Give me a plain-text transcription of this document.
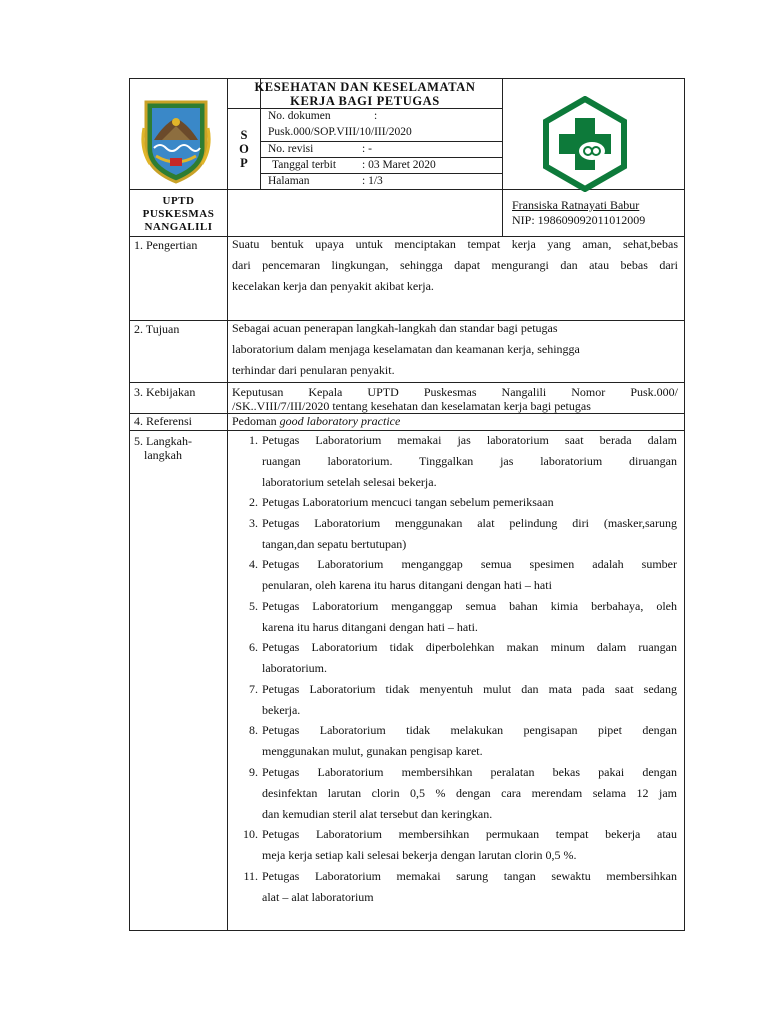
UPTD
PUSKESMAS
NANGALILI
KESEHATAN DAN KESELAMATAN
KERJA BAGI PETUGAS
S
O
P
No. dokumen	:
Pusk.000/SOP.VIII/10/III/2020
No. revisi	: -
Tanggal terbit : 03 Maret 2020
Halaman	: 1/3
Fransiska Ratnayati Babur
NIP: 198609092011012009
1. Pengertian	Suatu bentuk upaya untuk menciptakan tempat kerja yang aman, sehat,bebas
dari pencemaran lingkungan, sehingga dapat mengurangi dan atau bebas dari
kecelakan kerja dan penyakit akibat kerja.
2. Tujuan	Sebagai acuan penerapan langkah-langkah dan standar bagi petugas
laboratorium dalam menjaga keselamatan dan keamanan kerja, sehingga
terhindar dari penularan penyakit.
3. Kebijakan	Keputusan Kepala UPTD Puskesmas Nangalili Nomor Pusk.000/
/SK..VIII/7/III/2020 tentang kesehatan dan keselamatan kerja bagi petugas
4. Referensi	Pedoman good laboratory practice
5. Langkah-
langkah
1. Petugas Laboratorium memakai jas laboratorium saat berada dalam
ruangan laboratorium. Tinggalkan jas laboratorium diruangan
laboratorium setelah selesai bekerja.
2. Petugas Laboratorium mencuci tangan sebelum pemeriksaan
3. Petugas Laboratorium menggunakan alat pelindung diri (masker,sarung
tangan,dan sepatu bertutupan)
4. Petugas Laboratorium menganggap semua spesimen adalah sumber
penularan, oleh karena itu harus ditangani dengan hati – hati
5. Petugas Laboratorium menganggap semua bahan kimia berbahaya, oleh
karena itu harus ditangani dengan hati – hati.
6. Petugas Laboratorium tidak diperbolehkan makan minum dalam ruangan
laboratorium.
7. Petugas Laboratorium tidak menyentuh mulut dan mata pada saat sedang
bekerja.
8. Petugas Laboratorium tidak melakukan pengisapan pipet dengan
menggunakan mulut, gunakan pengisap karet.
9. Petugas Laboratorium membersihkan peralatan bekas pakai dengan
desinfektan larutan clorin 0,5 % dengan cara merendam selama 12 jam
dan kemudian steril alat tersebut dan keringkan.
10. Petugas Laboratorium membersihkan permukaan tempat bekerja atau
meja kerja setiap kali selesai bekerja dengan larutan clorin 0,5 %.
11. Petugas Laboratorium memakai sarung tangan sewaktu membersihkan
alat – alat laboratorium
